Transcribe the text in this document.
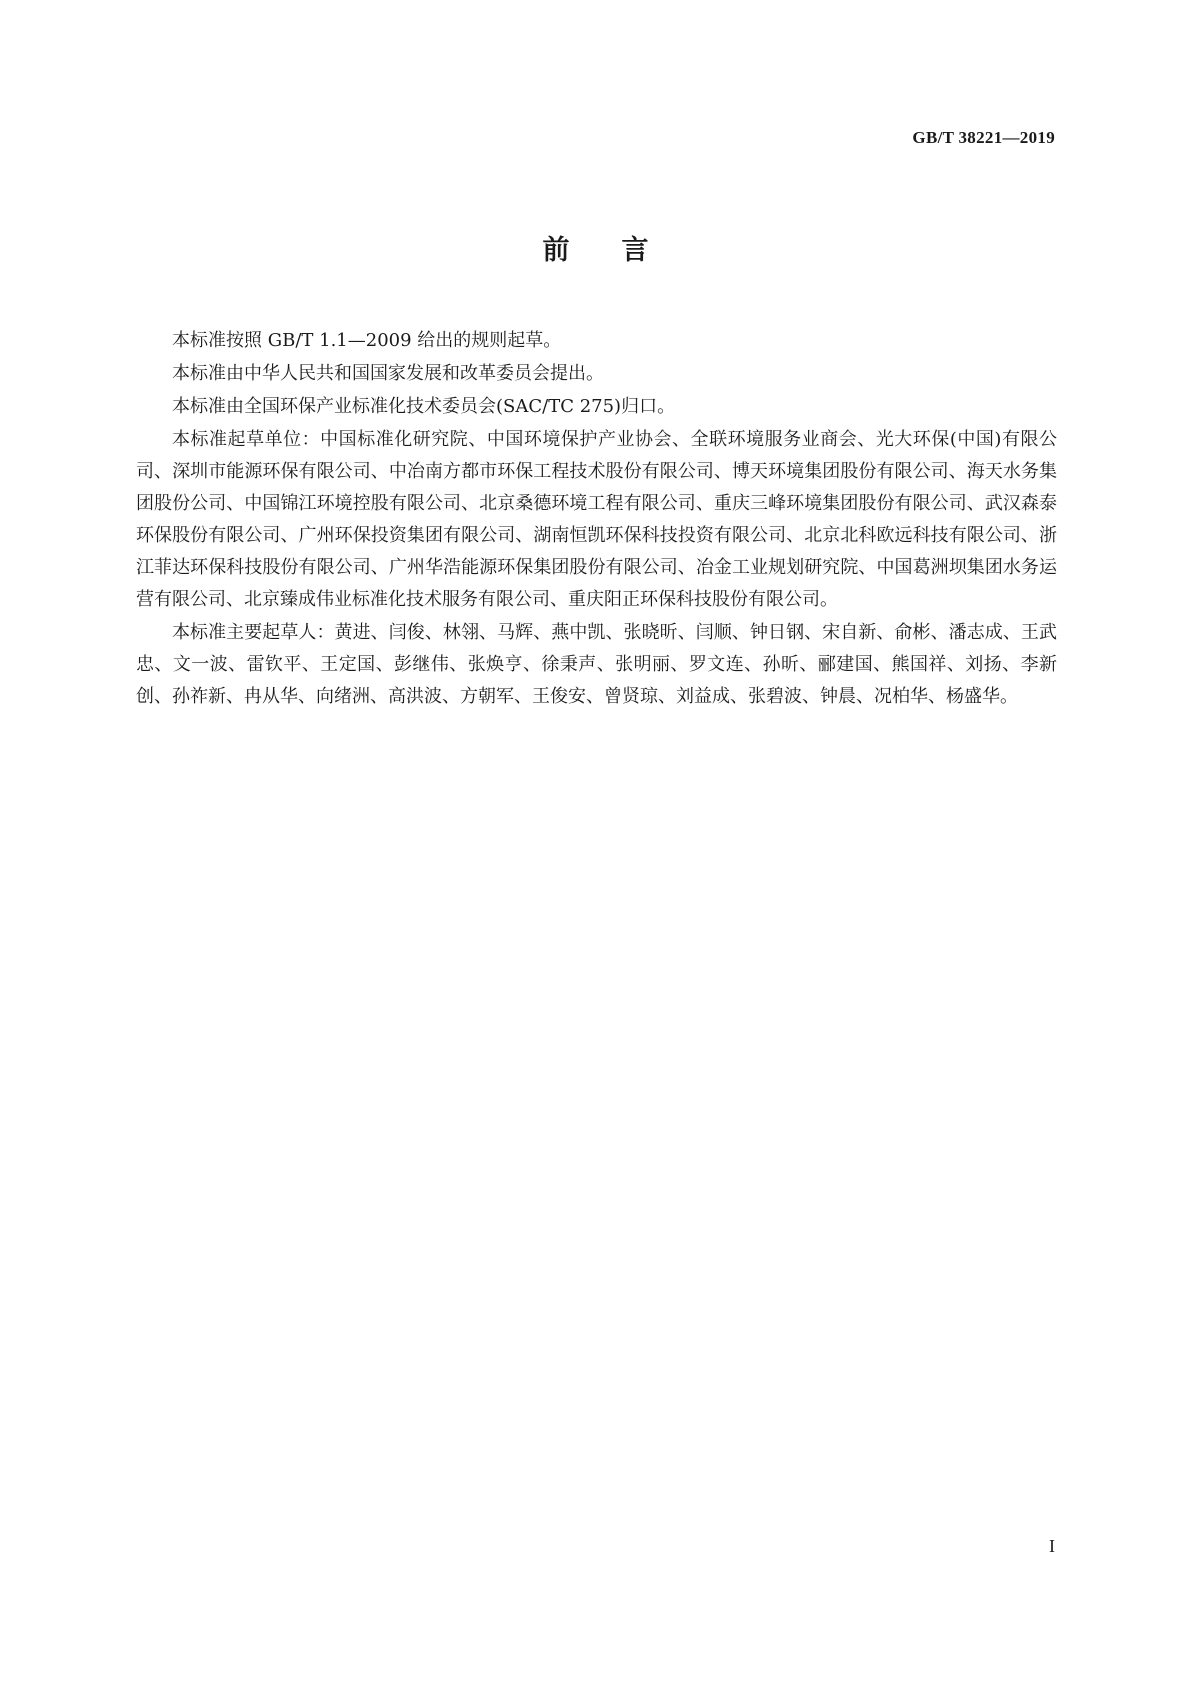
GB/T 38221—2019
前言

本标准按照 GB/T 1.1—2009 给出的规则起草。

本标准由中华人民共和国国家发展和改革委员会提出。

本标准由全国环保产业标准化技术委员会(SAC/TC 275)归口。

本标准起草单位：中国标准化研究院、中国环境保护产业协会、全联环境服务业商会、光大环保(中国)有限公司、深圳市能源环保有限公司、中冶南方都市环保工程技术股份有限公司、博天环境集团股份有限公司、海天水务集团股份公司、中国锦江环境控股有限公司、北京桑德环境工程有限公司、重庆三峰环境集团股份有限公司、武汉森泰环保股份有限公司、广州环保投资集团有限公司、湖南恒凯环保科技投资有限公司、北京北科欧远科技有限公司、浙江菲达环保科技股份有限公司、广州华浩能源环保集团股份有限公司、冶金工业规划研究院、中国葛洲坝集团水务运营有限公司、北京臻成伟业标准化技术服务有限公司、重庆阳正环保科技股份有限公司。

本标准主要起草人：黄进、闫俊、林翎、马辉、燕中凯、张晓昕、闫顺、钟日钢、宋自新、俞彬、潘志成、王武忠、文一波、雷钦平、王定国、彭继伟、张焕亨、徐秉声、张明丽、罗文连、孙昕、郦建国、熊国祥、刘扬、李新创、孙祚新、冉从华、向绪洲、高洪波、方朝军、王俊安、曾贤琼、刘益成、张碧波、钟晨、况柏华、杨盛华。

I
